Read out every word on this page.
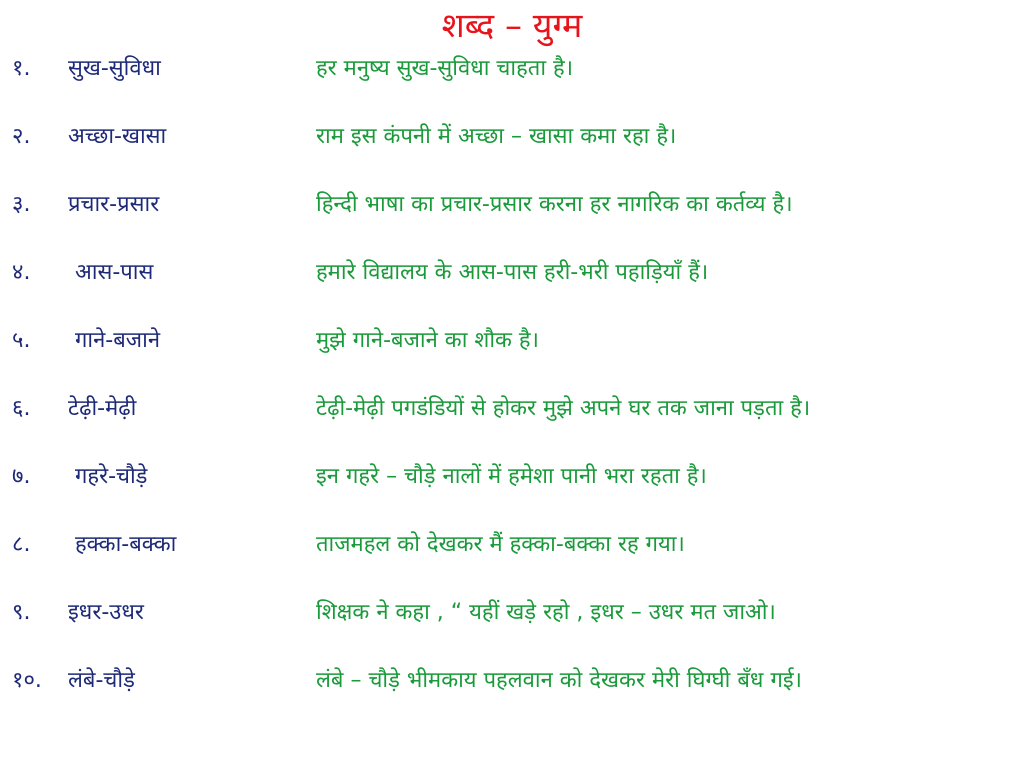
शब्द – युग्म
१. सुख-सुविधा	हर मनुष्य सुख-सुविधा चाहता है।
२. अच्छा-खासा	राम इस कंपनी में अच्छा – खासा कमा रहा है।
३. प्रचार-प्रसार	हिन्दी भाषा का प्रचार-प्रसार करना हर नागरिक का कर्तव्य है।
४. आस-पास	हमारे विद्यालय के आस-पास हरी-भरी पहाड़ियाँ हैं।
५. गाने-बजाने	मुझे गाने-बजाने का शौक है।
६. टेढ़ी-मेढ़ी	टेढ़ी-मेढ़ी पगडंडियों से होकर मुझे अपने घर तक जाना पड़ता है।
७. गहरे-चौड़े	इन गहरे – चौड़े नालों में हमेशा पानी भरा रहता है।
८. हक्का-बक्का	ताजमहल को देखकर मैं हक्का-बक्का रह गया।
९. इधर-उधर	शिक्षक ने कहा , “ यहीं खड़े रहो , इधर – उधर मत जाओ।
१०. लंबे-चौड़े	लंबे – चौड़े भीमकाय पहलवान को देखकर मेरी घिग्घी बँध गई।
